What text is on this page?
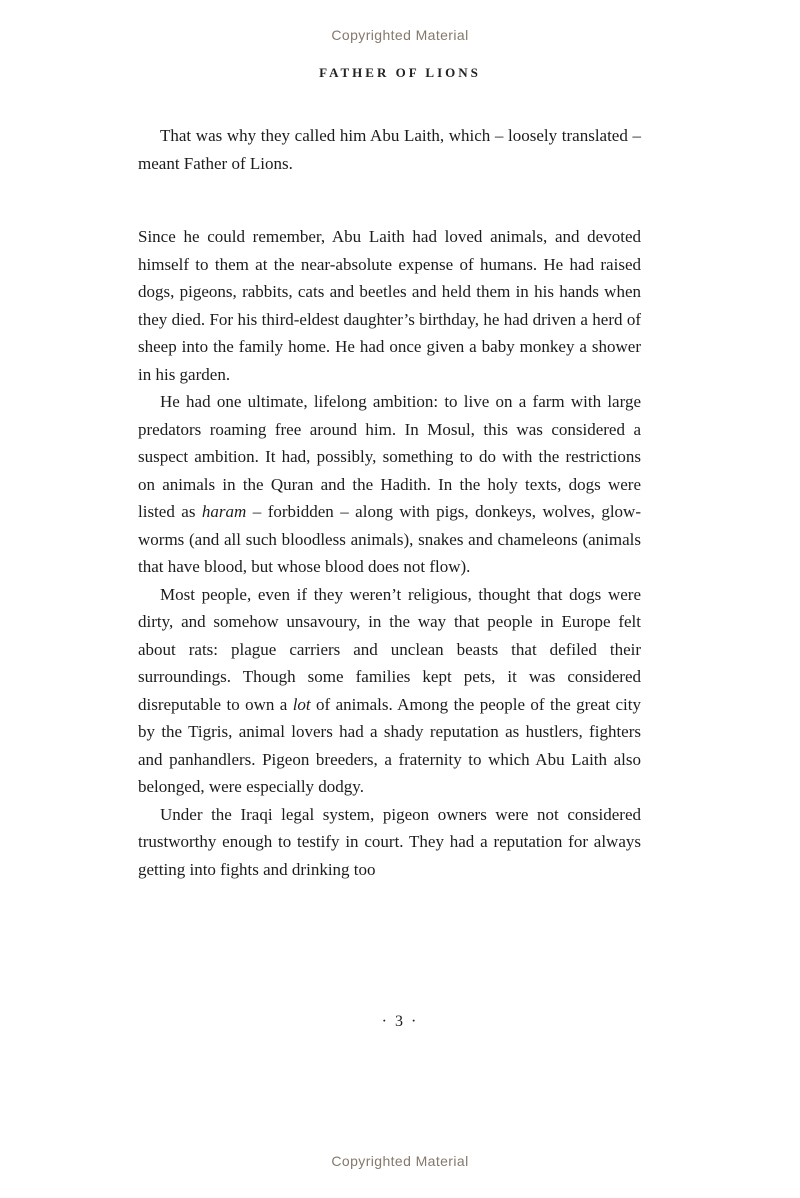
Copyrighted Material
FATHER OF LIONS

That was why they called him Abu Laith, which – loosely translated – meant Father of Lions.

Since he could remember, Abu Laith had loved animals, and devoted himself to them at the near-absolute expense of humans. He had raised dogs, pigeons, rabbits, cats and beetles and held them in his hands when they died. For his third-eldest daughter’s birthday, he had driven a herd of sheep into the family home. He had once given a baby monkey a shower in his garden.

He had one ultimate, lifelong ambition: to live on a farm with large predators roaming free around him. In Mosul, this was considered a suspect ambition. It had, possibly, something to do with the restrictions on animals in the Quran and the Hadith. In the holy texts, dogs were listed as haram – forbidden – along with pigs, donkeys, wolves, glow-worms (and all such bloodless animals), snakes and chameleons (animals that have blood, but whose blood does not flow).

Most people, even if they weren’t religious, thought that dogs were dirty, and somehow unsavoury, in the way that people in Europe felt about rats: plague carriers and unclean beasts that defiled their surroundings. Though some families kept pets, it was considered disreputable to own a lot of animals. Among the people of the great city by the Tigris, animal lovers had a shady reputation as hustlers, fighters and panhandlers. Pigeon breeders, a fraternity to which Abu Laith also belonged, were especially dodgy.

Under the Iraqi legal system, pigeon owners were not considered trustworthy enough to testify in court. They had a reputation for always getting into fights and drinking too

· 3 ·
Copyrighted Material
